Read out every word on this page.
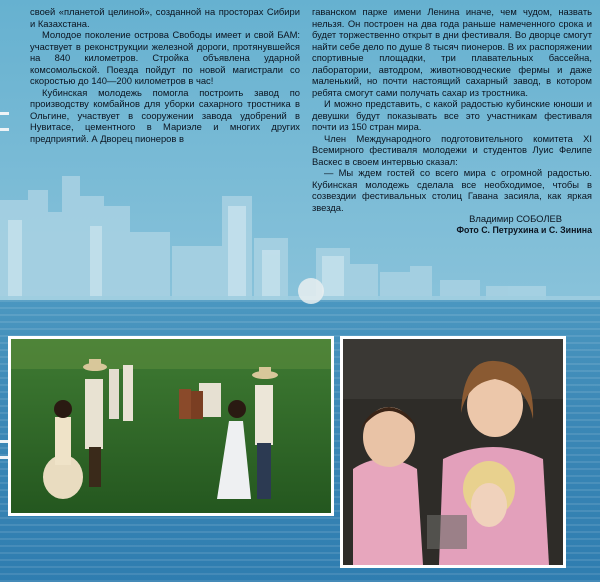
своей «планетой целиной», созданной на просторах Сибири и Казахстана.

Молодое поколение острова Свободы имеет и свой БАМ: участвует в реконструкции железной дороги, протянувшейся на 840 километров. Стройка объявлена ударной комсомольской. Поезда пойдут по новой магистрали со скоростью до 140—200 километров в час!

Кубинская молодежь помогла построить завод по производству комбайнов для уборки сахарного тростника в Ольгине, участвует в сооружении завода удобрений в Нувитасе, цементного в Мариэле и многих других предприятий. А Дворец пионеров в

гаванском парке имени Ленина иначе, чем чудом, назвать нельзя. Он построен на два года раньше намеченного срока и будет торжественно открыт в дни фестиваля. Во дворце смогут найти себе дело по душе 8 тысяч пионеров. В их распоряжении спортивные площадки, три плавательных бассейна, лаборатории, автодром, животноводческие фермы и даже маленький, но почти настоящий сахарный завод, в котором ребята смогут сами получать сахар из тростника.

И можно представить, с какой радостью кубинские юноши и девушки будут показывать все это участникам фестиваля почти из 150 стран мира.

Член Международного подготовительного комитета XI Всемирного фестиваля молодежи и студентов Луис Фелипе Васкес в своем интервью сказал:

— Мы ждем гостей со всего мира с огромной радостью. Кубинская молодежь сделала все необходимое, чтобы в созвездии фестивальных столиц Гавана засияла, как яркая звезда.

Владимир СОБОЛЕВ

Фото С. Петрухина и С. Зинина
